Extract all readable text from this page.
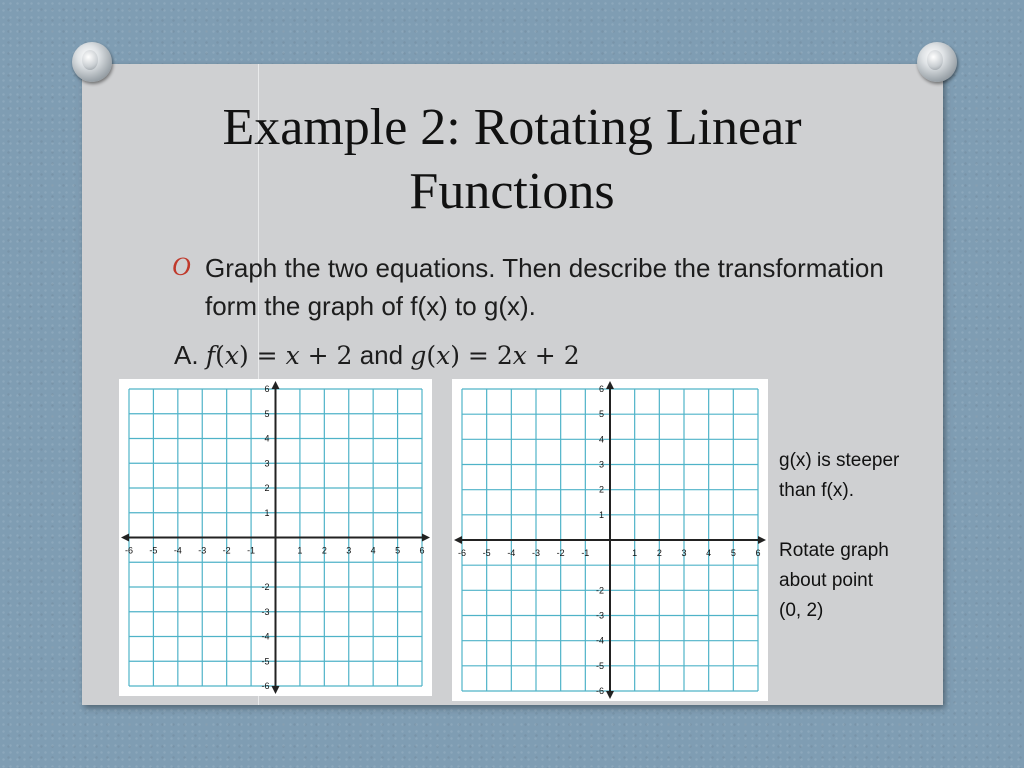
Example 2: Rotating Linear Functions
O Graph the two equations. Then describe the transformation form the graph of f(x) to g(x).
A. f(x) = x + 2 and g(x) = 2x + 2
-6 -5 -4 -3 -2 -1	1 2 3 4 5 6
6
5
4
3
2
1
-2
-3
-4
-5
-6
-6 -5 -4 -3 -2 -1	1 2 3 4 5 6
6
5
4
3
2
1
-2
-3
-4
-5
-6

g(x) is steeper

than f(x).

Rotate graph

about point

(0, 2)
